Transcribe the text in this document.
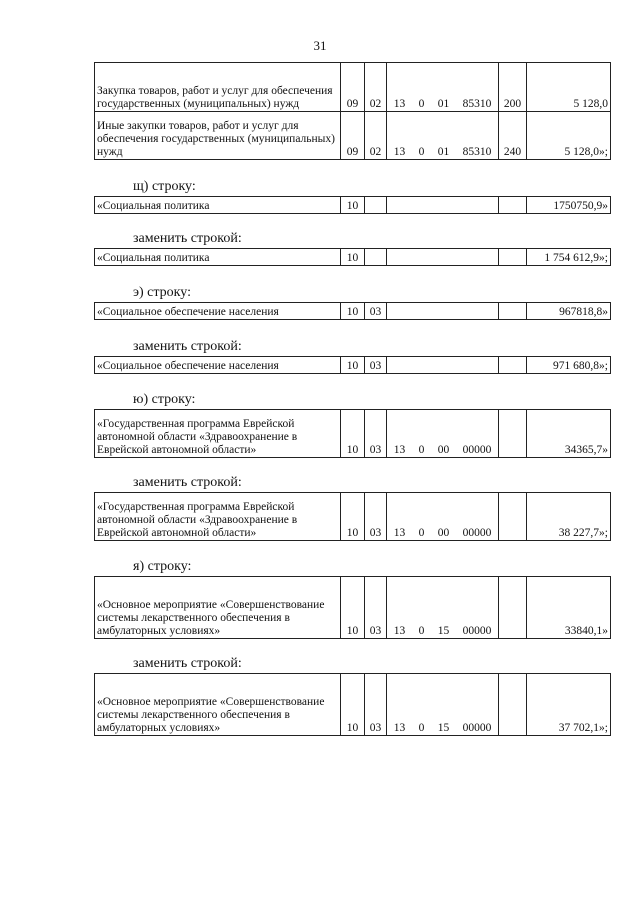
31
Закупка товаров, работ и услуг для обеспечения государственных (муниципальных) нужд	09	02	13 0 01 85310	200	5 128,0
Иные закупки товаров, работ и услуг для обеспечения государственных (муниципальных) нужд	09	02	13 0 01 85310	240	5 128,0»;
щ) строку:
«Социальная политика	10				1750750,9»
заменить строкой:
«Социальная политика	10				1 754 612,9»;
э) строку:
«Социальное обеспечение населения	10	03			967818,8»
заменить строкой:
«Социальное обеспечение населения	10	03			971 680,8»;
ю) строку:
«Государственная программа Еврейской автономной области «Здравоохранение в Еврейской автономной области»	10	03	13 0 00 00000		34365,7»
заменить строкой:
«Государственная программа Еврейской автономной области «Здравоохранение в Еврейской автономной области»	10	03	13 0 00 00000		38 227,7»;
я) строку:
«Основное мероприятие «Совершенствование системы лекарственного обеспечения в амбулаторных условиях»	10	03	13 0 15 00000		33840,1»
заменить строкой:
«Основное мероприятие «Совершенствование системы лекарственного обеспечения в амбулаторных условиях»	10	03	13 0 15 00000		37 702,1»;
